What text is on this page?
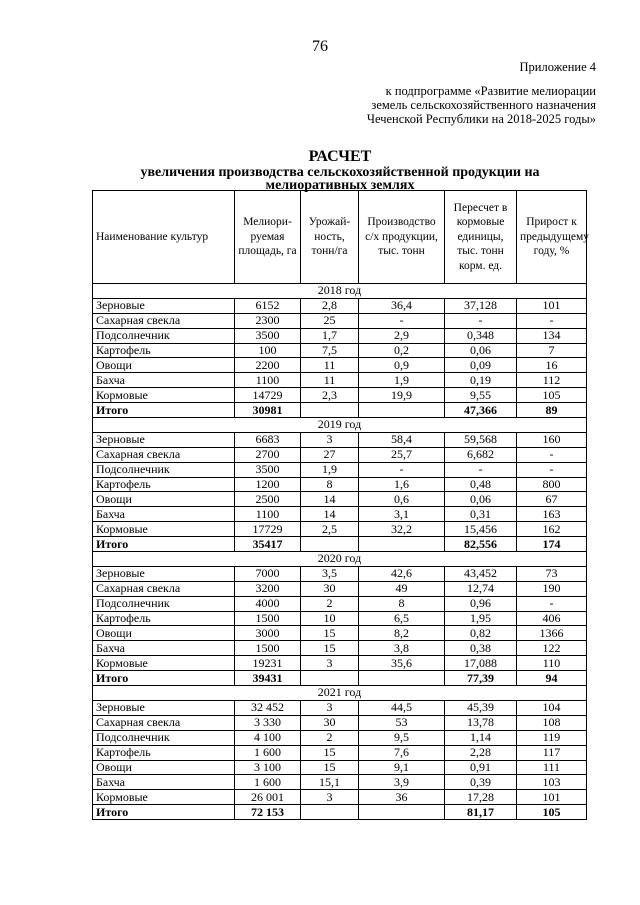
76
Приложение 4
к подпрограмме «Развитие мелиорации
земель сельскохозяйственного назначения
Чеченской Республики на 2018-2025 годы»
РАСЧЕТ
увеличения производства сельскохозяйственной продукции на
мелиоративных землях
Наименование культур	Мелиори-руемая площадь, га	Урожай-ность, тонн/га	Производство с/х продукции, тыс. тонн	Пересчет в кормовые единицы, тыс. тонн корм. ед.	Прирост к предыдущему году, %
2018 год					
Зерновые	6152	2,8	36,4	37,128	101
Сахарная свекла	2300	25	-	-	-
Подсолнечник	3500	1,7	2,9	0,348	134
Картофель	100	7,5	0,2	0,06	7
Овощи	2200	11	0,9	0,09	16
Бахча	1100	11	1,9	0,19	112
Кормовые	14729	2,3	19,9	9,55	105
Итого	30981			47,366	89
2019 год					
Зерновые	6683	3	58,4	59,568	160
Сахарная свекла	2700	27	25,7	6,682	-
Подсолнечник	3500	1,9	-	-	-
Картофель	1200	8	1,6	0,48	800
Овощи	2500	14	0,6	0,06	67
Бахча	1100	14	3,1	0,31	163
Кормовые	17729	2,5	32,2	15,456	162
Итого	35417			82,556	174
2020 год					
Зерновые	7000	3,5	42,6	43,452	73
Сахарная свекла	3200	30	49	12,74	190
Подсолнечник	4000	2	8	0,96	-
Картофель	1500	10	6,5	1,95	406
Овощи	3000	15	8,2	0,82	1366
Бахча	1500	15	3,8	0,38	122
Кормовые	19231	3	35,6	17,088	110
Итого	39431			77,39	94
2021 год					
Зерновые	32 452	3	44,5	45,39	104
Сахарная свекла	3 330	30	53	13,78	108
Подсолнечник	4 100	2	9,5	1,14	119
Картофель	1 600	15	7,6	2,28	117
Овощи	3 100	15	9,1	0,91	111
Бахча	1 600	15,1	3,9	0,39	103
Кормовые	26 001	3	36	17,28	101
Итого	72 153			81,17	105
